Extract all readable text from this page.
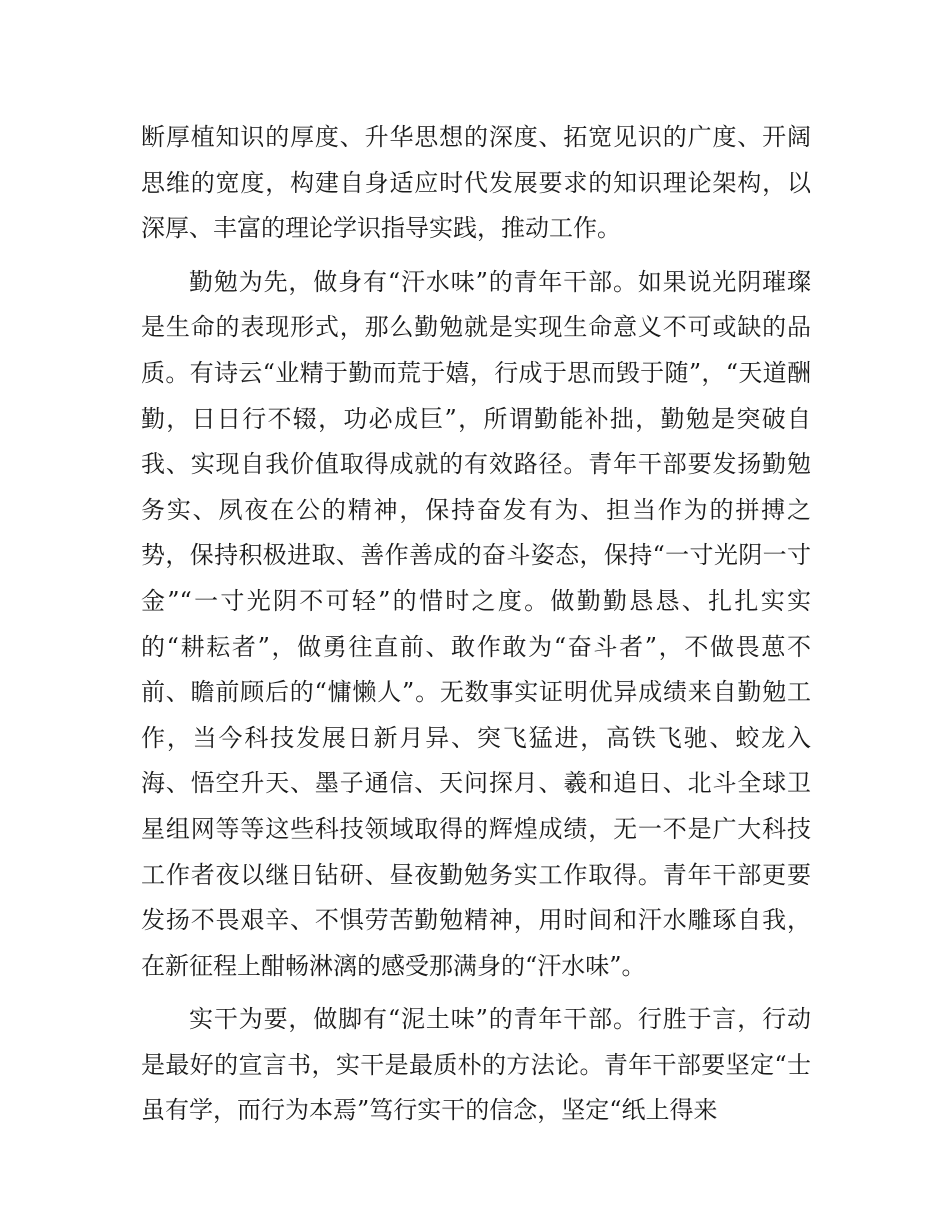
断厚植知识的厚度、升华思想的深度、拓宽见识的广度、开阔思维的宽度，构建自身适应时代发展要求的知识理论架构，以深厚、丰富的理论学识指导实践，推动工作。

勤勉为先，做身有“汗水味”的青年干部。如果说光阴璀璨是生命的表现形式，那么勤勉就是实现生命意义不可或缺的品质。有诗云“业精于勤而荒于嬉，行成于思而毁于随”，“天道酬勤，日日行不辍，功必成巨”，所谓勤能补拙，勤勉是突破自我、实现自我价值取得成就的有效路径。青年干部要发扬勤勉务实、夙夜在公的精神，保持奋发有为、担当作为的拼搏之势，保持积极进取、善作善成的奋斗姿态，保持“一寸光阴一寸金”“一寸光阴不可轻”的惜时之度。做勤勤恳恳、扎扎实实的“耕耘者”，做勇往直前、敢作敢为“奋斗者”，不做畏葸不前、瞻前顾后的“慵懒人”。无数事实证明优异成绩来自勤勉工作，当今科技发展日新月异、突飞猛进，高铁飞驰、蛟龙入海、悟空升天、墨子通信、天问探月、羲和追日、北斗全球卫星组网等等这些科技领域取得的辉煌成绩，无一不是广大科技工作者夜以继日钻研、昼夜勤勉务实工作取得。青年干部更要发扬不畏艰辛、不惧劳苦勤勉精神，用时间和汗水雕琢自我，在新征程上酣畅淋漓的感受那满身的“汗水味”。

实干为要，做脚有“泥土味”的青年干部。行胜于言，行动是最好的宣言书，实干是最质朴的方法论。青年干部要坚定“士虽有学，而行为本焉”笃行实干的信念，坚定“纸上得来
